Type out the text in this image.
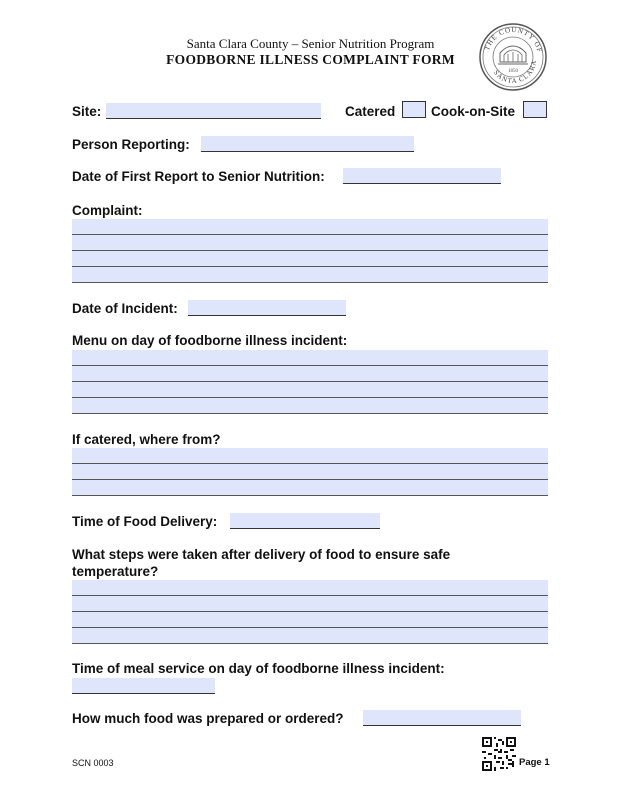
Santa Clara County – Senior Nutrition Program
FOODBORNE ILLNESS COMPLAINT FORM
THE COUNTY OF
SANTA CLARA
1850
Site:	Catered	Cook-on-Site
Person Reporting:
Date of First Report to Senior Nutrition:
Complaint:
Date of Incident:
Menu on day of foodborne illness incident:
If catered, where from?
Time of Food Delivery:
What steps were taken after delivery of food to ensure safe
temperature?
Time of meal service on day of foodborne illness incident:
How much food was prepared or ordered?
SCN 0003	Page 1
